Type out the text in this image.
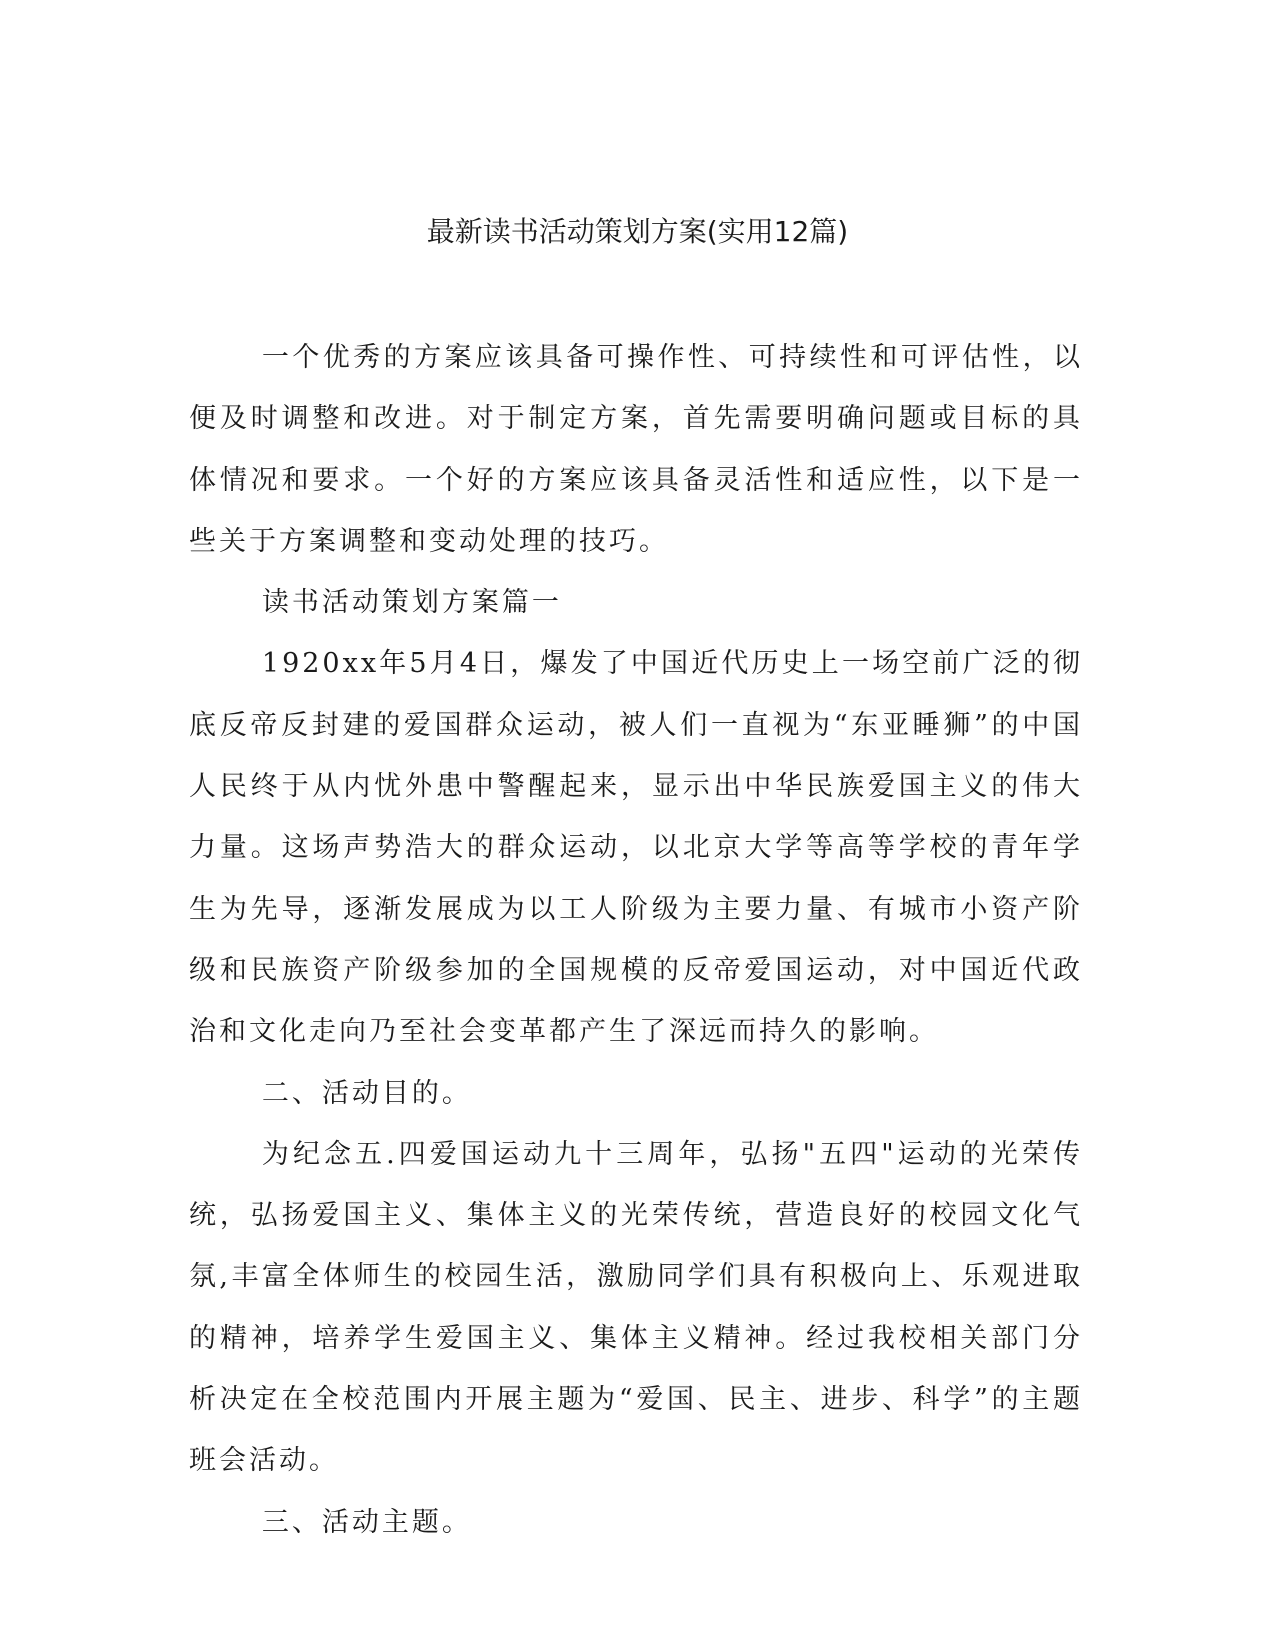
最新读书活动策划方案(实用12篇)

一个优秀的方案应该具备可操作性、可持续性和可评估性，以便及时调整和改进。对于制定方案，首先需要明确问题或目标的具体情况和要求。一个好的方案应该具备灵活性和适应性，以下是一些关于方案调整和变动处理的技巧。

读书活动策划方案篇一

1920xx年5月4日，爆发了中国近代历史上一场空前广泛的彻底反帝反封建的爱国群众运动，被人们一直视为“东亚睡狮”的中国人民终于从内忧外患中警醒起来，显示出中华民族爱国主义的伟大力量。这场声势浩大的群众运动，以北京大学等高等学校的青年学生为先导，逐渐发展成为以工人阶级为主要力量、有城市小资产阶级和民族资产阶级参加的全国规模的反帝爱国运动，对中国近代政治和文化走向乃至社会变革都产生了深远而持久的影响。

二、活动目的。

为纪念五.四爱国运动九十三周年，弘扬"五四"运动的光荣传统，弘扬爱国主义、集体主义的光荣传统，营造良好的校园文化气氛,丰富全体师生的校园生活，激励同学们具有积极向上、乐观进取的精神，培养学生爱国主义、集体主义精神。经过我校相关部门分析决定在全校范围内开展主题为“爱国、民主、进步、科学”的主题班会活动。

三、活动主题。
